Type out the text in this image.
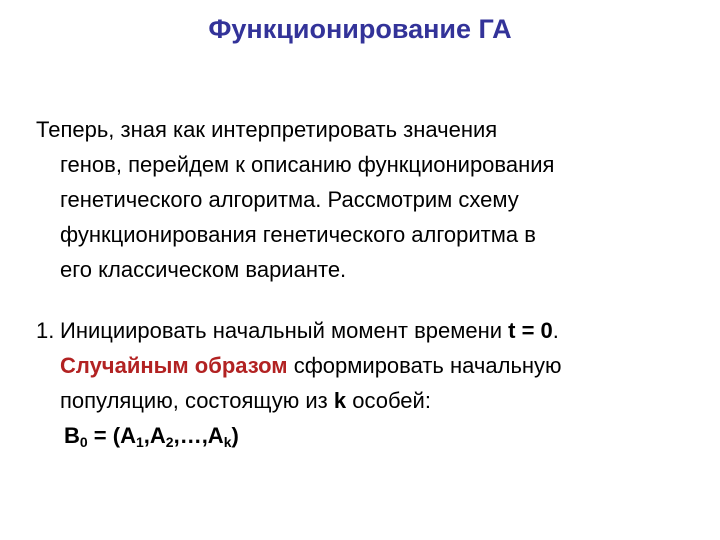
Функционирование ГА
Теперь, зная как интерпретировать значения
генов, перейдем к описанию функционирования
генетического алгоритма. Рассмотрим схему
функционирования генетического алгоритма в
его классическом варианте.
1. Инициировать начальный момент времени t = 0.
Случайным образом сформировать начальную
популяцию, состоящую из k особей:
$B_0$ = $(A_1,A_2,\dots,A_k)$
